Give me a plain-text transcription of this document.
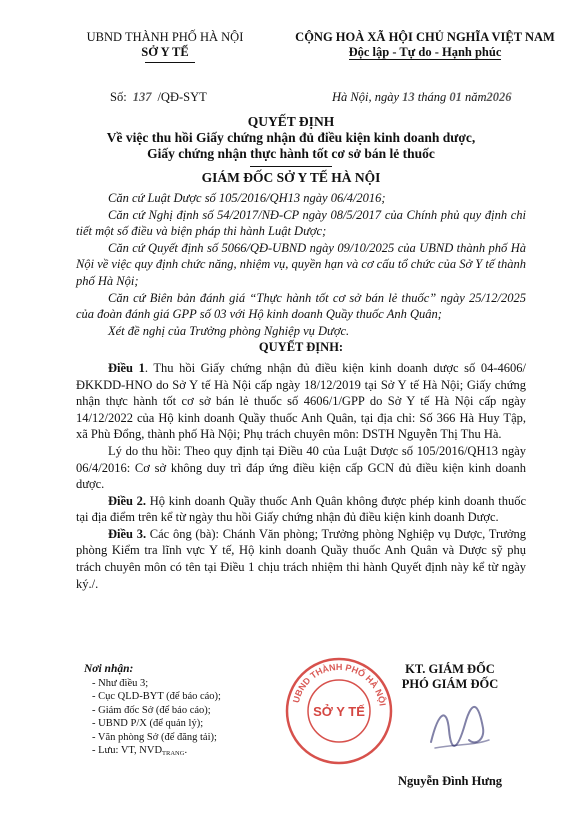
UBND THÀNH PHỐ HÀ NỘI
SỞ Y TẾ
CỘNG HOÀ XÃ HỘI CHỦ NGHĨA VIỆT NAM
Độc lập - Tự do - Hạnh phúc
Số: 137 /QĐ-SYT	Hà Nội, ngày 13 tháng 01 năm2026
QUYẾT ĐỊNH
Về việc thu hồi Giấy chứng nhận đủ điều kiện kinh doanh dược,
Giấy chứng nhận thực hành tốt cơ sở bán lẻ thuốc
GIÁM ĐỐC SỞ Y TẾ HÀ NỘI

Căn cứ Luật Dược số 105/2016/QH13 ngày 06/4/2016;

Căn cứ Nghị định số 54/2017/NĐ-CP ngày 08/5/2017 của Chính phủ quy định chi tiết một số điều và biện pháp thi hành Luật Dược;

Căn cứ Quyết định số 5066/QĐ-UBND ngày 09/10/2025 của UBND thành phố Hà Nội về việc quy định chức năng, nhiệm vụ, quyền hạn và cơ cấu tổ chức của Sở Y tế thành phố Hà Nội;

Căn cứ Biên bản đánh giá “Thực hành tốt cơ sở bán lẻ thuốc” ngày 25/12/2025 của đoàn đánh giá GPP số 03 với Hộ kinh doanh Quầy thuốc Anh Quân;

Xét đề nghị của Trưởng phòng Nghiệp vụ Dược.

QUYẾT ĐỊNH:

Điều 1. Thu hồi Giấy chứng nhận đủ điều kiện kinh doanh dược số 04-4606/ĐKKDD-HNO do Sở Y tế Hà Nội cấp ngày 18/12/2019 tại Sở Y tế Hà Nội; Giấy chứng nhận thực hành tốt cơ sở bán lẻ thuốc số 4606/1/GPP do Sở Y tế Hà Nội cấp ngày 14/12/2022 của Hộ kinh doanh Quầy thuốc Anh Quân, tại địa chỉ: Số 366 Hà Huy Tập, xã Phù Đổng, thành phố Hà Nội; Phụ trách chuyên môn: DSTH Nguyễn Thị Thu Hà.

Lý do thu hồi: Theo quy định tại Điều 40 của Luật Dược số 105/2016/QH13 ngày 06/4/2016: Cơ sở không duy trì đáp ứng điều kiện cấp GCN đủ điều kiện kinh doanh dược.

Điều 2. Hộ kinh doanh Quầy thuốc Anh Quân không được phép kinh doanh thuốc tại địa điểm trên kể từ ngày thu hồi Giấy chứng nhận đủ điều kiện kinh doanh Dược.

Điều 3. Các ông (bà): Chánh Văn phòng; Trưởng phòng Nghiệp vụ Dược, Trưởng phòng Kiểm tra lĩnh vực Y tế, Hộ kinh doanh Quầy thuốc Anh Quân và Dược sỹ phụ trách chuyên môn có tên tại Điều 1 chịu trách nhiệm thi hành Quyết định này kể từ ngày ký./.

Nơi nhận:
- Như điều 3;
- Cục QLD-BYT (để báo cáo);
- Giám đốc Sở (để báo cáo);
- UBND P/X (để quản lý);
- Văn phòng Sở (để đăng tải);
- Lưu: VT, $NVD_{TRANG}$.
UBND THÀNH PHỐ HÀ NỘI
SỞ Y TẾ
KT. GIÁM ĐỐC
PHÓ GIÁM ĐỐC
Nguyễn Đình Hưng
